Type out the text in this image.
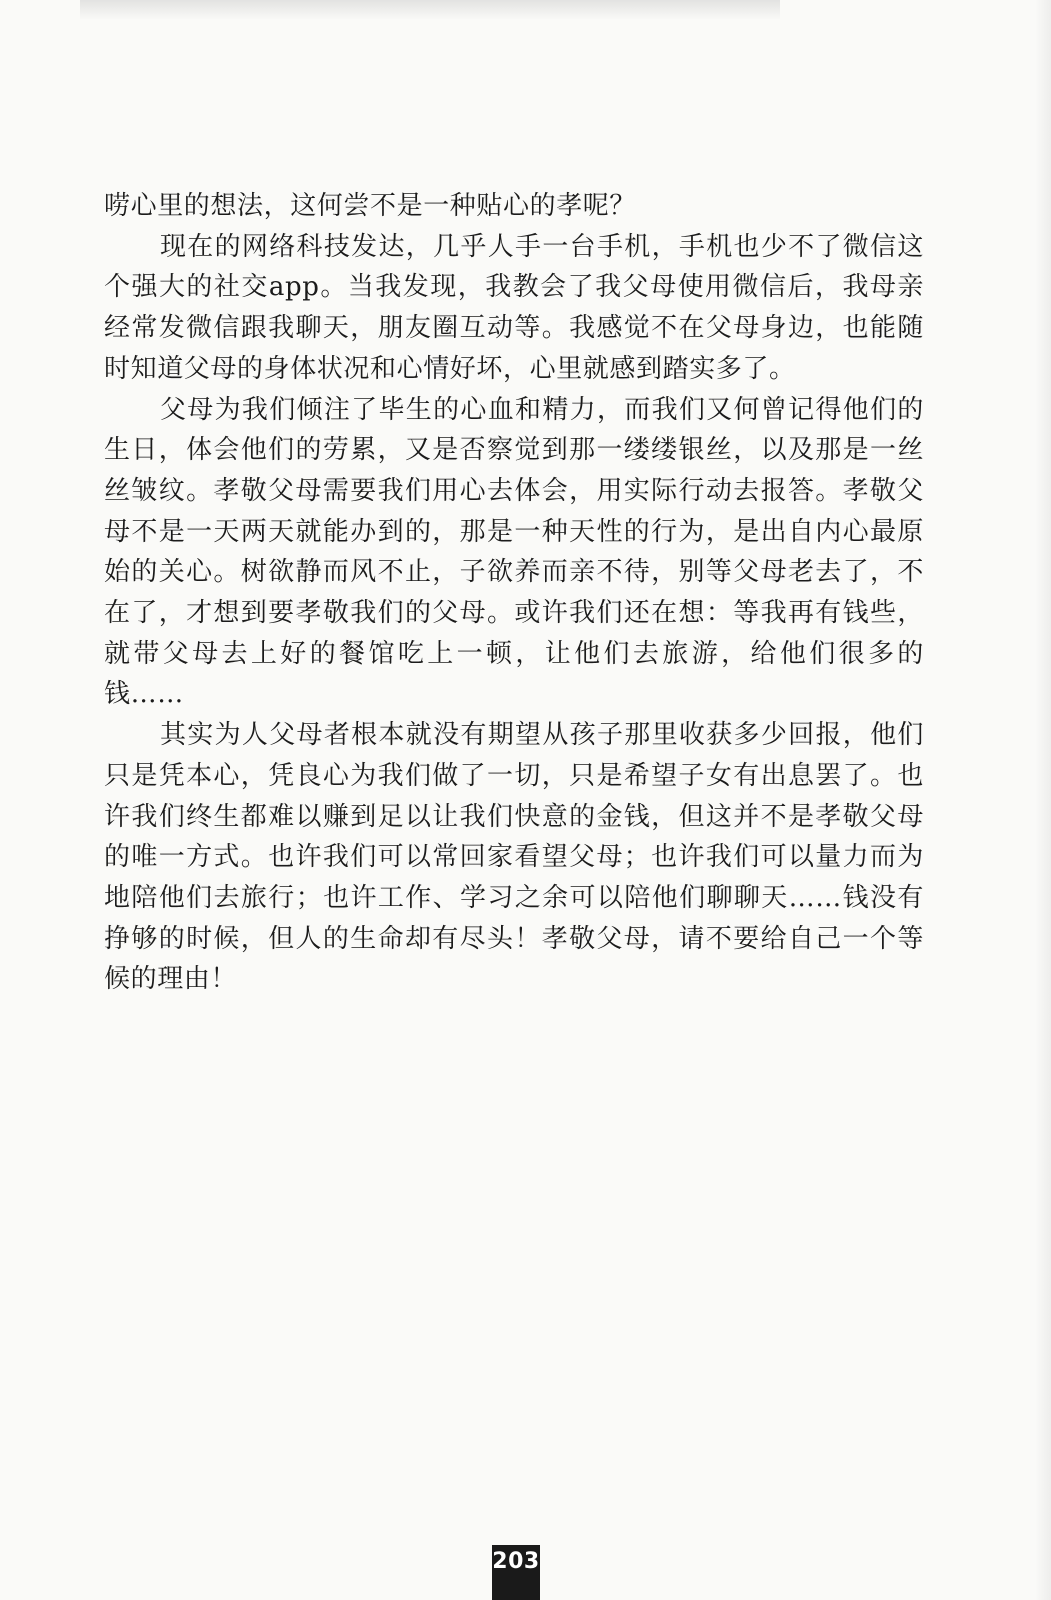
唠心里的想法，这何尝不是一种贴心的孝呢？

现在的网络科技发达，几乎人手一台手机，手机也少不了微信这个强大的社交app。当我发现，我教会了我父母使用微信后，我母亲经常发微信跟我聊天，朋友圈互动等。我感觉不在父母身边，也能随时知道父母的身体状况和心情好坏，心里就感到踏实多了。

父母为我们倾注了毕生的心血和精力，而我们又何曾记得他们的生日，体会他们的劳累，又是否察觉到那一缕缕银丝，以及那是一丝丝皱纹。孝敬父母需要我们用心去体会，用实际行动去报答。孝敬父母不是一天两天就能办到的，那是一种天性的行为，是出自内心最原始的关心。树欲静而风不止，子欲养而亲不待，别等父母老去了，不在了，才想到要孝敬我们的父母。或许我们还在想：等我再有钱些，就带父母去上好的餐馆吃上一顿，让他们去旅游，给他们很多的钱……

其实为人父母者根本就没有期望从孩子那里收获多少回报，他们只是凭本心，凭良心为我们做了一切，只是希望子女有出息罢了。也许我们终生都难以赚到足以让我们快意的金钱，但这并不是孝敬父母的唯一方式。也许我们可以常回家看望父母；也许我们可以量力而为地陪他们去旅行；也许工作、学习之余可以陪他们聊聊天……钱没有挣够的时候，但人的生命却有尽头！孝敬父母，请不要给自己一个等候的理由！

203
